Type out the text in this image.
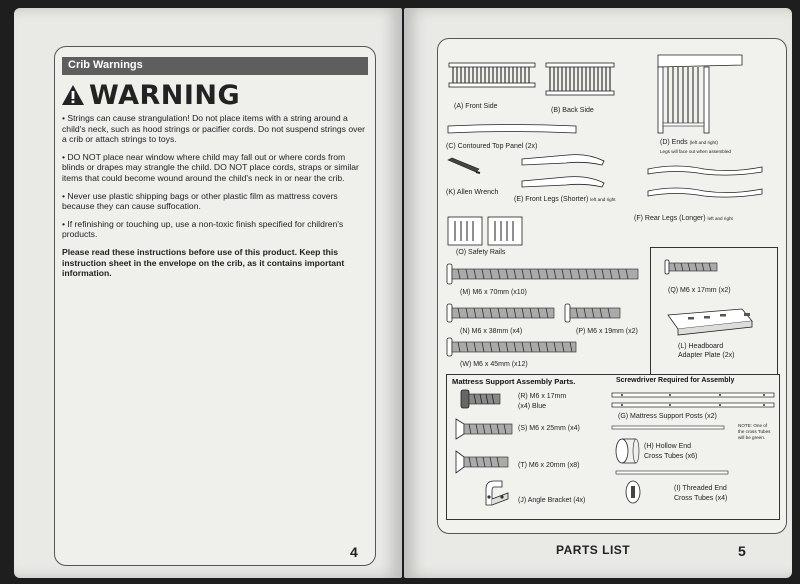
Crib Warnings
WARNING

• Strings can cause strangulation! Do not place items with a string around a child's neck, such as hood strings or pacifier cords. Do not suspend strings over a crib or attach strings to toys.

• DO NOT place near window where child may fall out or where cords from blinds or drapes may strangle the child. DO NOT place cords, straps or similar items that could become wound around the child's neck in or near the crib.

• Never use plastic shipping bags or other plastic film as mattress covers because they can cause suffocation.

• If refinishing or touching up, use a non-toxic finish specified for children's products.

Please read these instructions before use of this product. Keep this instruction sheet in the envelope on the crib, as it contains important information.

4
(A) Front Side
(B) Back Side
(D) Ends (left and right)
Legs will face out when assembled
(C) Contoured Top Panel (2x)
(K) Allen Wrench
(E) Front Legs (Shorter) left and right
(F) Rear Legs (Longer) left and right
(O) Safety Rails
(M) M6 x 70mm (x10)	(Q) M6 x 17mm (x2)
(L) Headboard
Adapter Plate (2x)
(N) M6 x 38mm (x4)	(P) M6 x 19mm (x2)
(W) M6 x 45mm (x12)
Mattress Support Assembly Parts.	Screwdriver Required for Assembly
(R) M6 x 17mm
(x4) Blue
(G) Mattress Support Posts (x2)
(S) M6 x 25mm (x4)	NOTE: One of
the cross Tubes
will be green.
(H) Hollow End
Cross Tubes (x6)
(T) M6 x 20mm (x8)
(I) Threaded End
Cross Tubes (x4)
(J) Angle Bracket (4x)
PARTS LIST	5
